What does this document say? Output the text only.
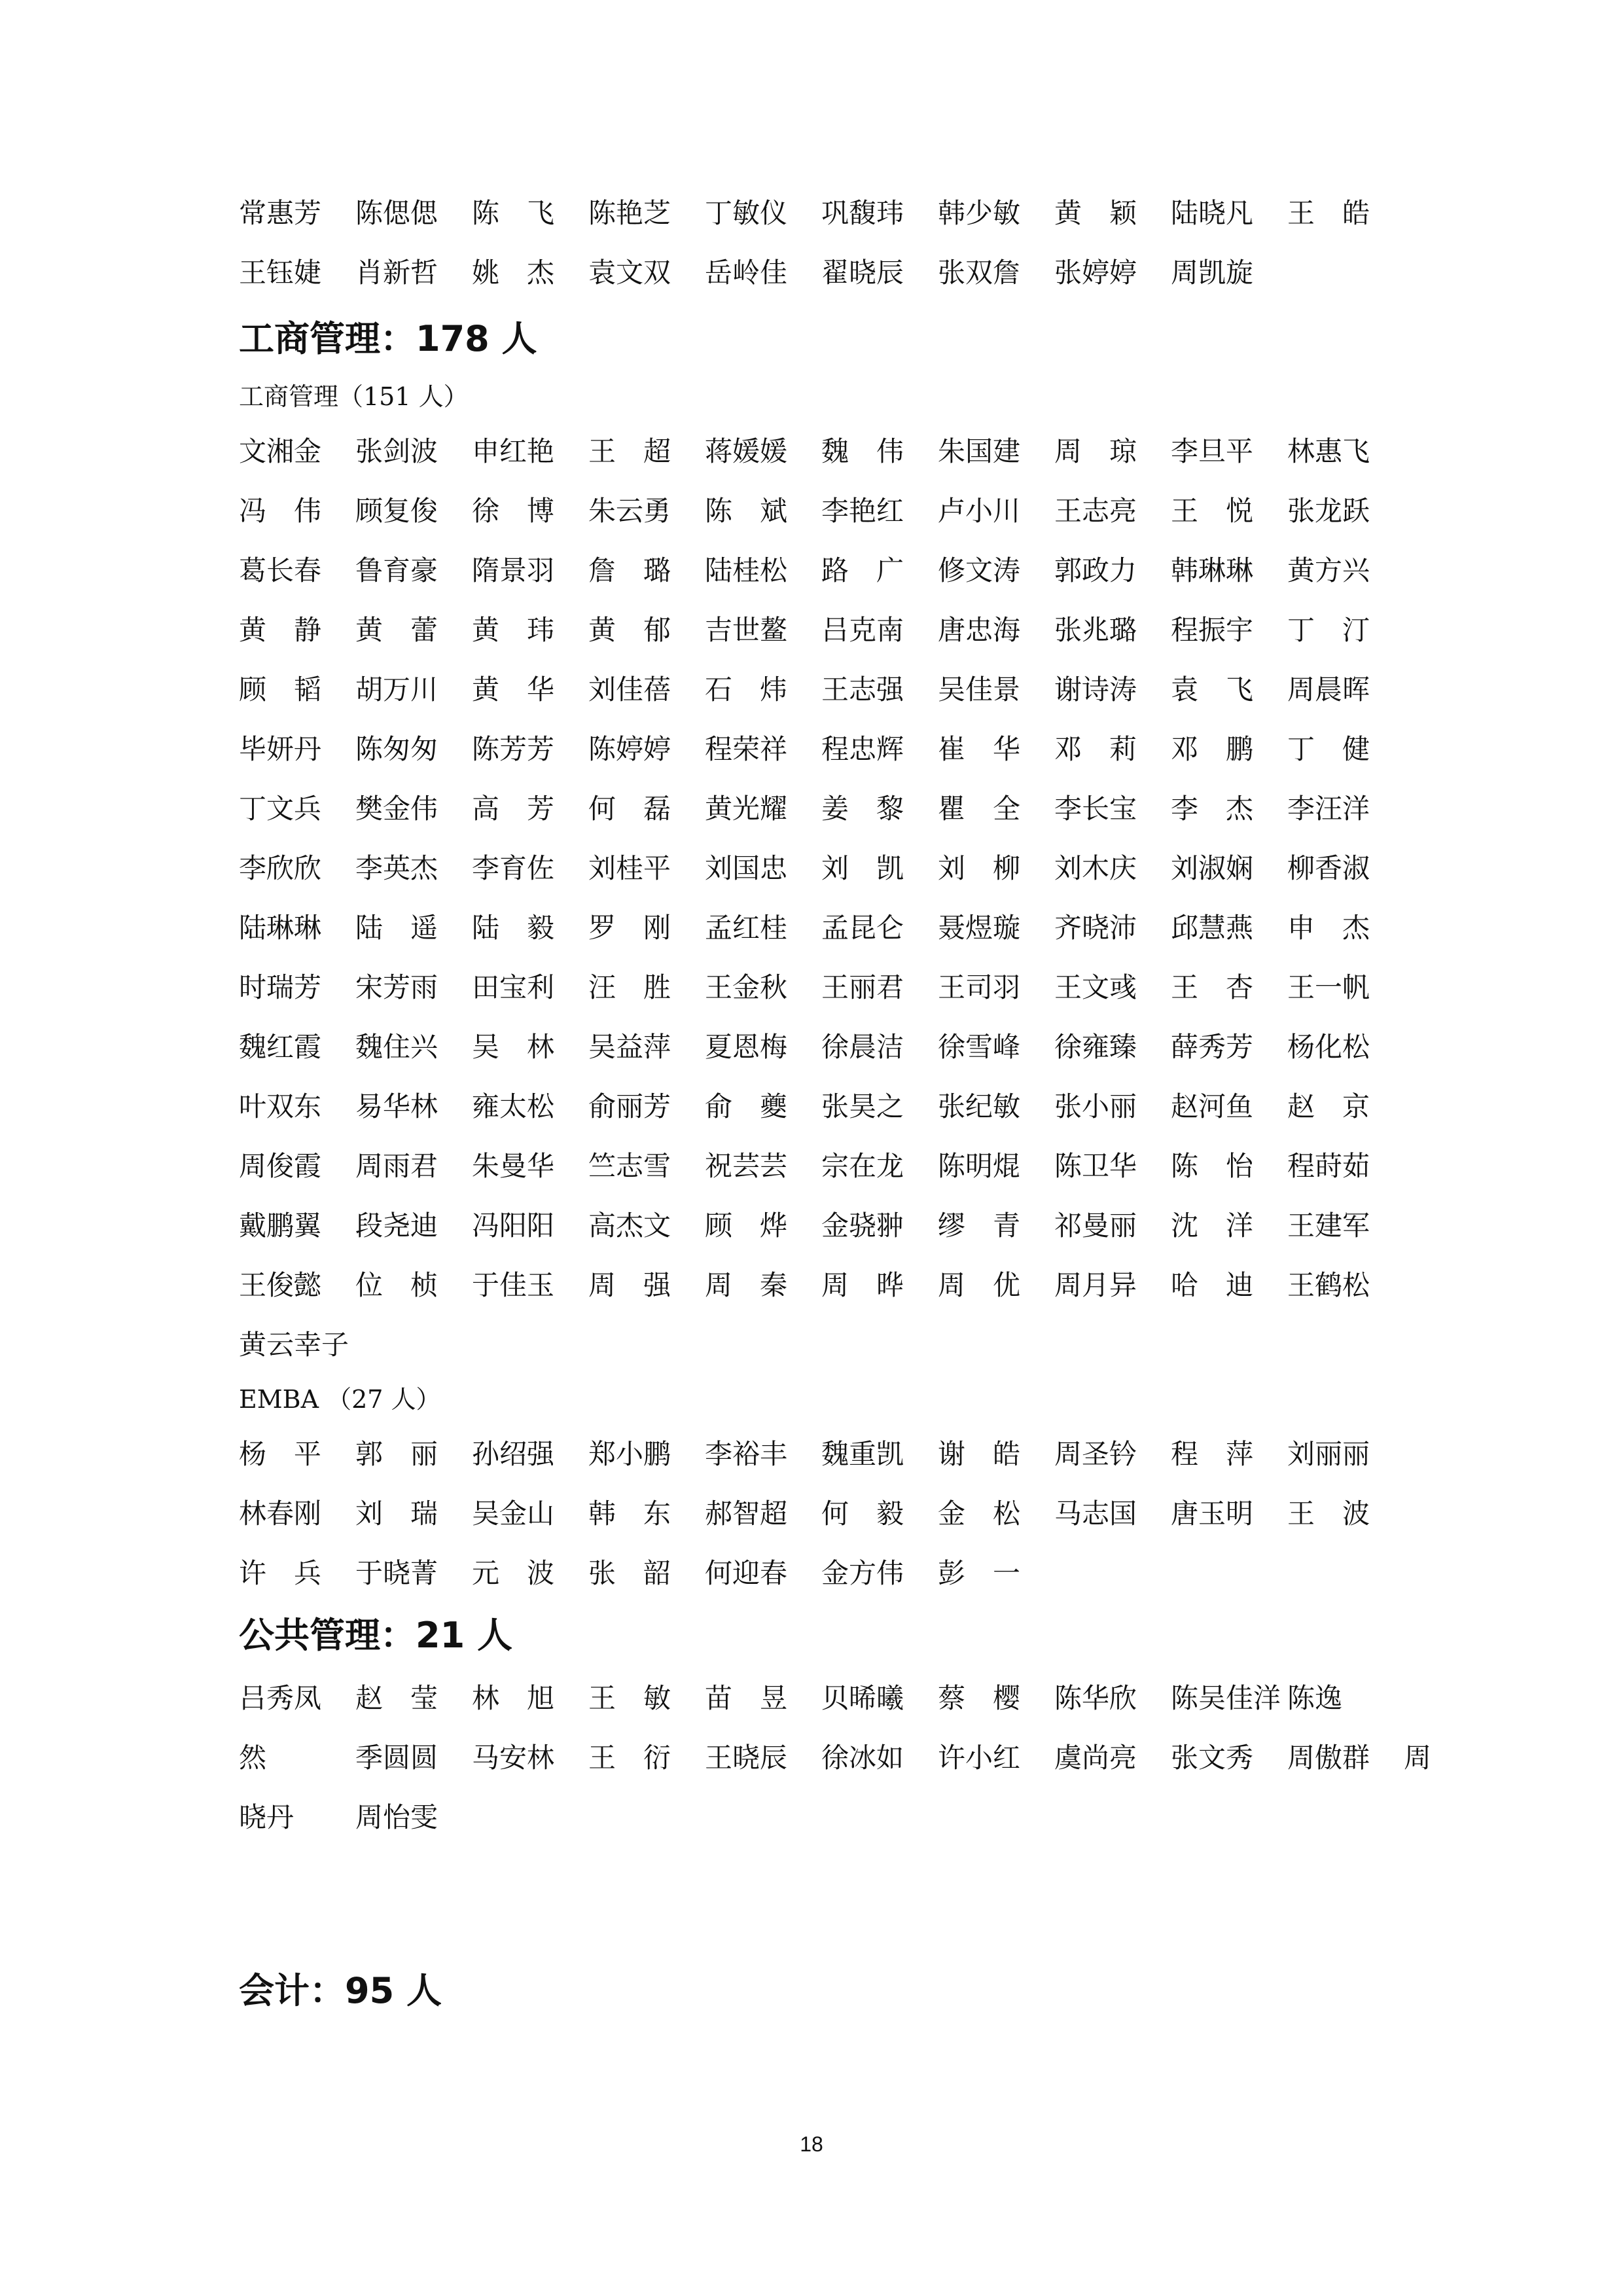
常惠芳	陈偲偲	陈飞 陈艳芝	丁敏仪	巩馥玮	韩少敏	黄颖 陆晓凡	王皓
王钰婕	肖新哲	姚杰 袁文双	岳岭佳	翟晓辰	张双詹	张婷婷	周凯旋
工商管理：178 人
工商管理（151 人）
文湘金	张剑波	申红艳	王超 蒋媛媛	魏伟 朱国建	周琼 李旦平	林惠飞
冯伟 顾复俊	徐博 朱云勇	陈斌 李艳红	卢小川	王志亮	王悦 张龙跃
葛长春	鲁育豪	隋景羽	詹璐 陆桂松	路广 修文涛	郭政力	韩琳琳	黄方兴
黄静 黄蕾 黄玮 黄郁 吉世鳌	吕克南	唐忠海	张兆璐	程振宇	丁汀
顾韬 胡万川	黄华 刘佳蓓	石炜 王志强	吴佳景	谢诗涛	袁飞 周晨晖
毕妍丹	陈匆匆	陈芳芳	陈婷婷	程荣祥	程忠辉	崔华 邓莉 邓鹏 丁健
丁文兵	樊金伟	高芳 何磊 黄光耀	姜黎 瞿全 李长宝	李杰 李汪洋
李欣欣	李英杰	李育佐	刘桂平	刘国忠	刘凯 刘柳 刘木庆	刘淑娴	柳香淑
陆琳琳	陆遥 陆毅 罗刚 孟红桂	孟昆仑	聂煜璇	齐晓沛	邱慧燕	申杰
时瑞芳	宋芳雨	田宝利	汪胜 王金秋	王丽君	王司羽	王文彧	王杏 王一帆
魏红霞	魏住兴	吴林 吴益萍	夏恩梅	徐晨洁	徐雪峰	徐雍臻	薛秀芳	杨化松
叶双东	易华林	雍太松	俞丽芳	俞夔 张昊之	张纪敏	张小丽	赵河鱼	赵京
周俊霞	周雨君	朱曼华	竺志雪	祝芸芸	宗在龙	陈明焜	陈卫华	陈怡 程莳茹
戴鹏翼	段尧迪	冯阳阳	高杰文	顾烨 金骁翀	缪青 祁曼丽	沈洋 王建军
王俊懿	位桢 于佳玉	周强 周秦 周晔 周优 周月异	哈迪 王鹤松
黄云幸子
EMBA （27 人）
杨平 郭丽 孙绍强	郑小鹏	李裕丰	魏重凯	谢皓 周圣钤	程萍 刘丽丽
林春刚	刘瑞 吴金山	韩东 郝智超	何毅 金松 马志国	唐玉明	王波
许兵 于晓菁	元波 张韶 何迎春	金方伟	彭一
公共管理：21 人
吕秀凤	赵莹 林旭 王敏 苗昱 贝晞曦	蔡樱 陈华欣	陈吴佳洋 陈逸
然	季圆圆	马安林	王衍 王晓辰	徐冰如	许小红	虞尚亮	张文秀	周傲群	周
晓丹	周怡雯
会计：95 人
18
